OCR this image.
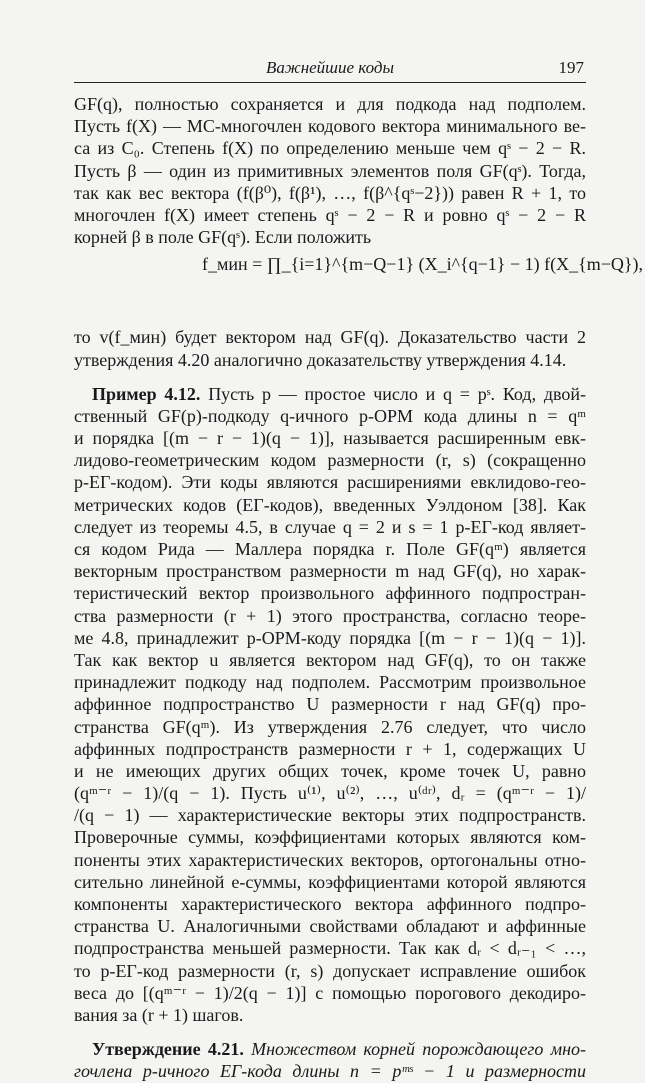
Важнейшие коды	197
GF(q), полностью сохраняется и для подкода над подполем.
Пусть f(X) — MC-многочлен кодового вектора минимального ве-
са из C₀. Степень f(X) по определению меньше чем qˢ − 2 − R.
Пусть β — один из примитивных элементов поля GF(qˢ). Тогда,
так как вес вектора (f(β⁰), f(β¹), …, f(β^{qˢ−2})) равен R + 1, то
многочлен f(X) имеет степень qˢ − 2 − R и ровно qˢ − 2 − R
корней β в поле GF(qˢ). Если положить
f_мин = ∏_{i=1}^{m−Q−1} (X_i^{q−1} − 1) f(X_{m−Q}),
то v(f_мин) будет вектором над GF(q). Доказательство части 2
утверждения 4.20 аналогично доказательству утверждения 4.14.
Пример 4.12. Пусть p — простое число и q = pˢ. Код, двой-
ственный GF(p)-подкоду q-ичного р-ОРМ кода длины n = qᵐ
и порядка [(m − r − 1)(q − 1)], называется расширенным евк-
лидово-геометрическим кодом размерности (r, s) (сокращенно
р-ЕГ-кодом). Эти коды являются расширениями евклидово-гео-
метрических кодов (ЕГ-кодов), введенных Уэлдоном [38]. Как
следует из теоремы 4.5, в случае q = 2 и s = 1 р-ЕГ-код являет-
ся кодом Рида — Маллера порядка r. Поле GF(qᵐ) является
векторным пространством размерности m над GF(q), но харак-
теристический вектор произвольного аффинного подпростран-
ства размерности (r + 1) этого пространства, согласно теоре-
ме 4.8, принадлежит р-ОРМ-коду порядка [(m − r − 1)(q − 1)].
Так как вектор u является вектором над GF(q), то он также
принадлежит подкоду над подполем. Рассмотрим произвольное
аффинное подпространство U размерности r над GF(q) про-
странства GF(qᵐ). Из утверждения 2.76 следует, что число
аффинных подпространств размерности r + 1, содержащих U
и не имеющих других общих точек, кроме точек U, равно
(qᵐ⁻ʳ − 1)/(q − 1). Пусть u⁽¹⁾, u⁽²⁾, …, u⁽ᵈʳ⁾, dᵣ = (qᵐ⁻ʳ − 1)/
/(q − 1) — характеристические векторы этих подпространств.
Проверочные суммы, коэффициентами которых являются ком-
поненты этих характеристических векторов, ортогональны отно-
сительно линейной e-суммы, коэффициентами которой являются
компоненты характеристического вектора аффинного подпро-
странства U. Аналогичными свойствами обладают и аффинные
подпространства меньшей размерности. Так как dᵣ < dᵣ₋₁ < …,
то р-ЕГ-код размерности (r, s) допускает исправление ошибок
веса до [(qᵐ⁻ʳ − 1)/2(q − 1)] с помощью порогового декодиро-
вания за (r + 1) шагов.
Утверждение 4.21. Множеством корней порождающего мно-
гочлена p-ичного ЕГ-кода длины n = pᵐˢ − 1 и размерности
